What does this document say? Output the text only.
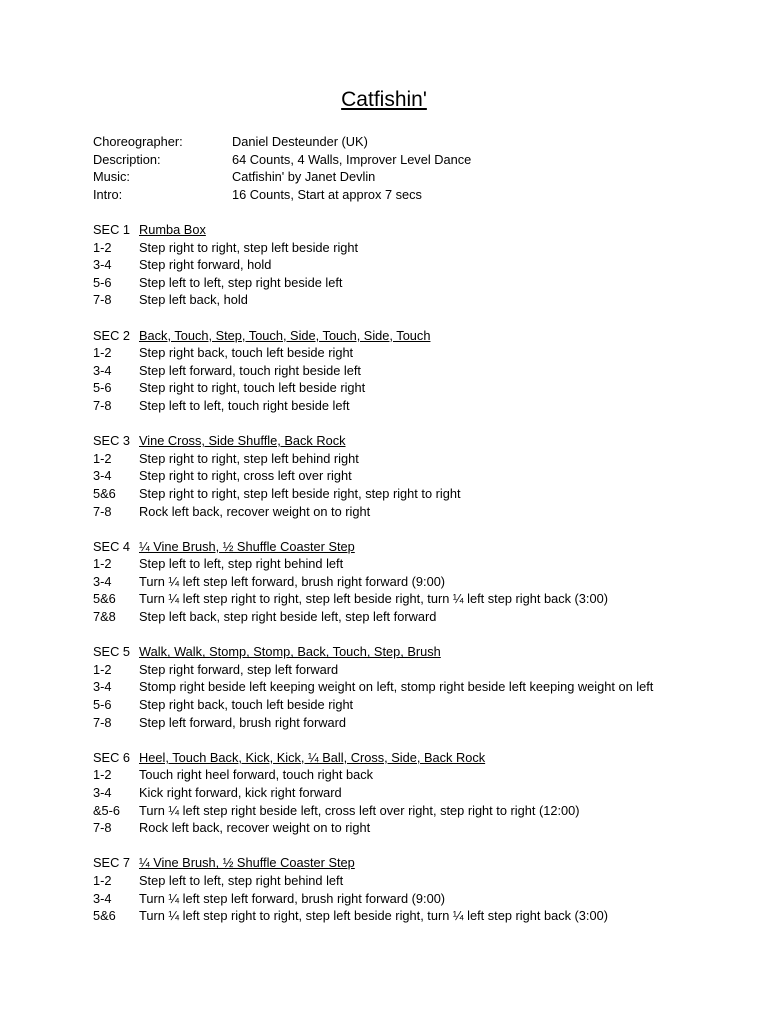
Catfishin'
Choreographer:	Daniel Desteunder (UK)
Description:	64 Counts, 4 Walls, Improver Level Dance
Music:	Catfishin' by Janet Devlin
Intro:	16 Counts, Start at approx 7 secs
SEC 1 Rumba Box
1-2 Step right to right, step left beside right
3-4 Step right forward, hold
5-6 Step left to left, step right beside left
7-8 Step left back, hold
SEC 2 Back, Touch, Step, Touch, Side, Touch, Side, Touch
1-2 Step right back, touch left beside right
3-4 Step left forward, touch right beside left
5-6 Step right to right, touch left beside right
7-8 Step left to left, touch right beside left
SEC 3 Vine Cross, Side Shuffle, Back Rock
1-2 Step right to right, step left behind right
3-4 Step right to right, cross left over right
5&6 Step right to right, step left beside right, step right to right
7-8 Rock left back, recover weight on to right
SEC 4 ¼ Vine Brush, ½ Shuffle Coaster Step
1-2 Step left to left, step right behind left
3-4 Turn ¼ left step left forward, brush right forward (9:00)
5&6 Turn ¼ left step right to right, step left beside right, turn ¼ left step right back (3:00)
7&8 Step left back, step right beside left, step left forward
SEC 5 Walk, Walk, Stomp, Stomp, Back, Touch, Step, Brush
1-2 Step right forward, step left forward
3-4 Stomp right beside left keeping weight on left, stomp right beside left keeping weight on left
5-6 Step right back, touch left beside right
7-8 Step left forward, brush right forward
SEC 6 Heel, Touch Back, Kick, Kick, ¼ Ball, Cross, Side, Back Rock
1-2 Touch right heel forward, touch right back
3-4 Kick right forward, kick right forward
&5-6 Turn ¼ left step right beside left, cross left over right, step right to right (12:00)
7-8 Rock left back, recover weight on to right
SEC 7 ¼ Vine Brush, ½ Shuffle Coaster Step
1-2 Step left to left, step right behind left
3-4 Turn ¼ left step left forward, brush right forward (9:00)
5&6 Turn ¼ left step right to right, step left beside right, turn ¼ left step right back (3:00)
